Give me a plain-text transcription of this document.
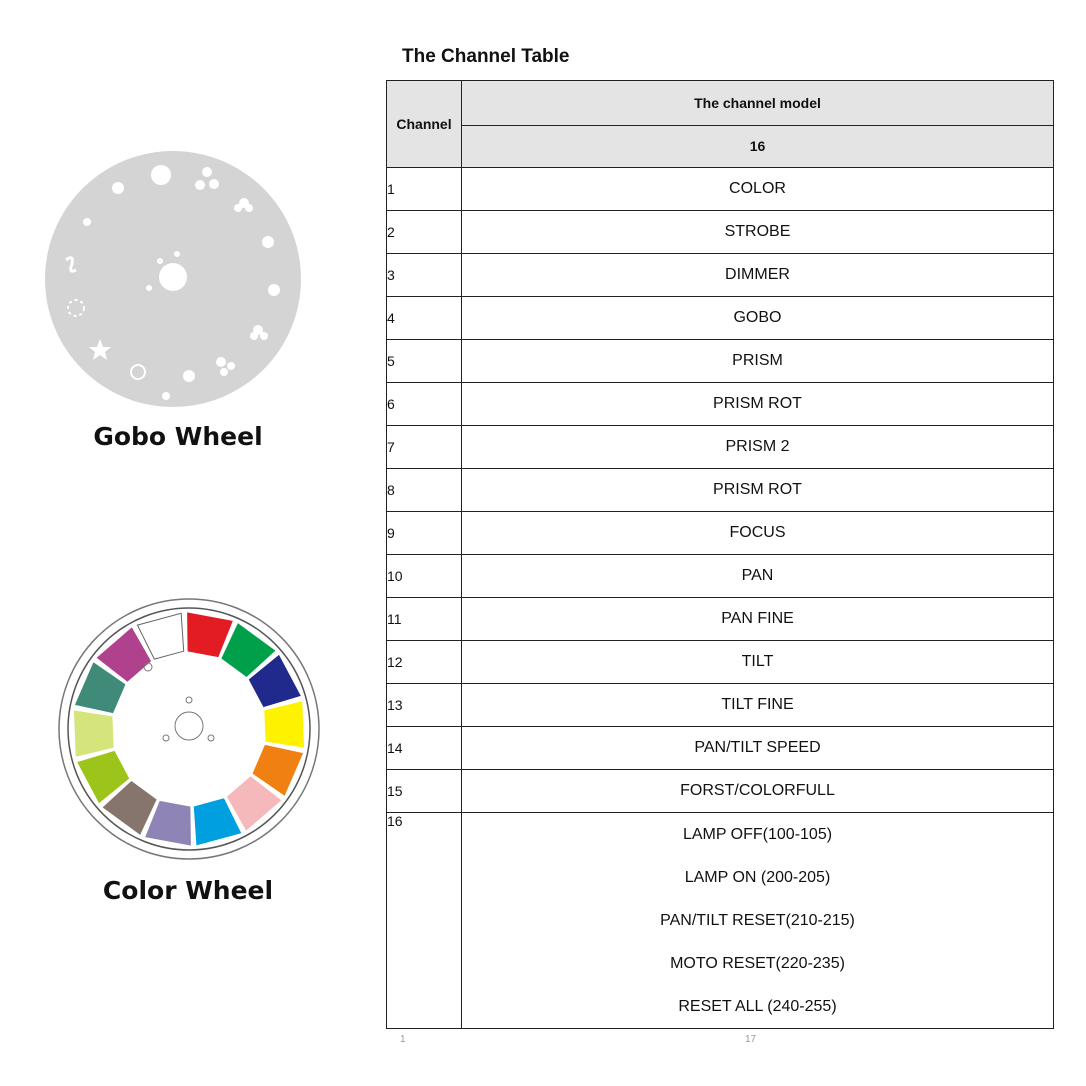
Gobo Wheel
Color Wheel
The Channel Table
Channel	The channel model
	16
1	COLOR
2	STROBE
3	DIMMER
4	GOBO
5	PRISM
6	PRISM ROT
7	PRISM 2
8	PRISM ROT
9	FOCUS
10	PAN
11	PAN FINE
12	TILT
13	TILT FINE
14	PAN/TILT SPEED
15	FORST/COLORFULL
16	LAMP OFF(100-105)
LAMP ON (200-205)
PAN/TILT RESET(210-215)
MOTO RESET(220-235)
RESET ALL (240-255)
1	17
